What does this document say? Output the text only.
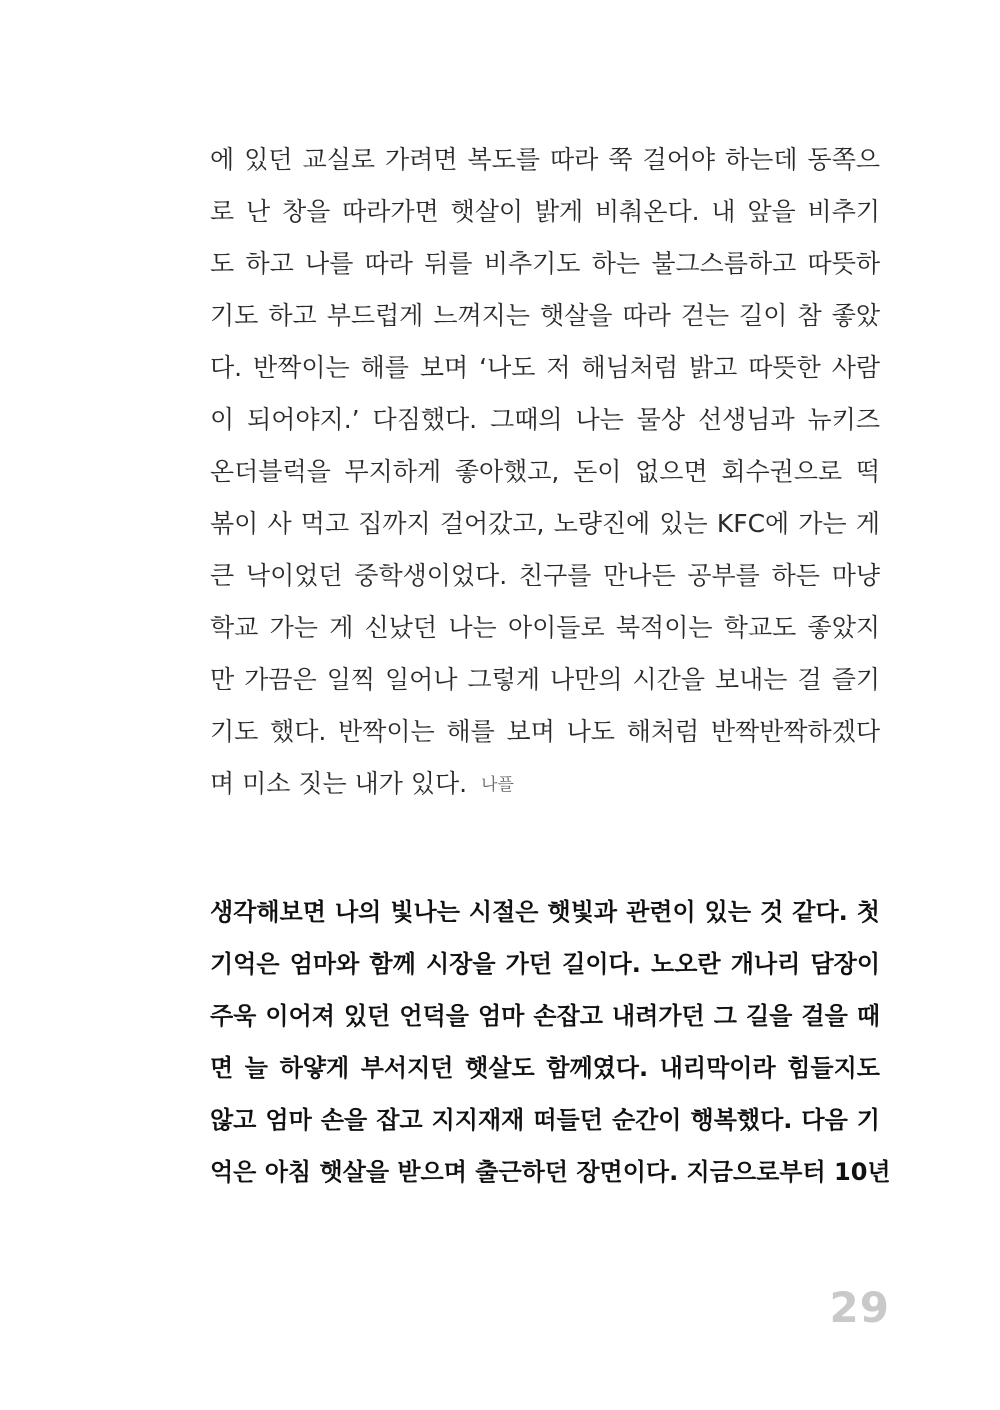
에 있던 교실로 가려면 복도를 따라 쭉 걸어야 하는데 동쪽으
로 난 창을 따라가면 햇살이 밝게 비춰온다. 내 앞을 비추기
도 하고 나를 따라 뒤를 비추기도 하는 불그스름하고 따뜻하
기도 하고 부드럽게 느껴지는 햇살을 따라 걷는 길이 참 좋았
다. 반짝이는 해를 보며 ‘나도 저 해님처럼 밝고 따뜻한 사람
이 되어야지.’ 다짐했다. 그때의 나는 물상 선생님과 뉴키즈
온더블럭을 무지하게 좋아했고, 돈이 없으면 회수권으로 떡
볶이 사 먹고 집까지 걸어갔고, 노량진에 있는 KFC에 가는 게
큰 낙이었던 중학생이었다. 친구를 만나든 공부를 하든 마냥
학교 가는 게 신났던 나는 아이들로 북적이는 학교도 좋았지
만 가끔은 일찍 일어나 그렇게 나만의 시간을 보내는 걸 즐기
기도 했다. 반짝이는 해를 보며 나도 해처럼 반짝반짝하겠다
며 미소 짓는 내가 있다. 나플
생각해보면 나의 빛나는 시절은 햇빛과 관련이 있는 것 같다. 첫
기억은 엄마와 함께 시장을 가던 길이다. 노오란 개나리 담장이
주욱 이어져 있던 언덕을 엄마 손잡고 내려가던 그 길을 걸을 때
면 늘 하얗게 부서지던 햇살도 함께였다. 내리막이라 힘들지도
않고 엄마 손을 잡고 지지재재 떠들던 순간이 행복했다. 다음 기
억은 아침 햇살을 받으며 출근하던 장면이다. 지금으로부터 10년
29
